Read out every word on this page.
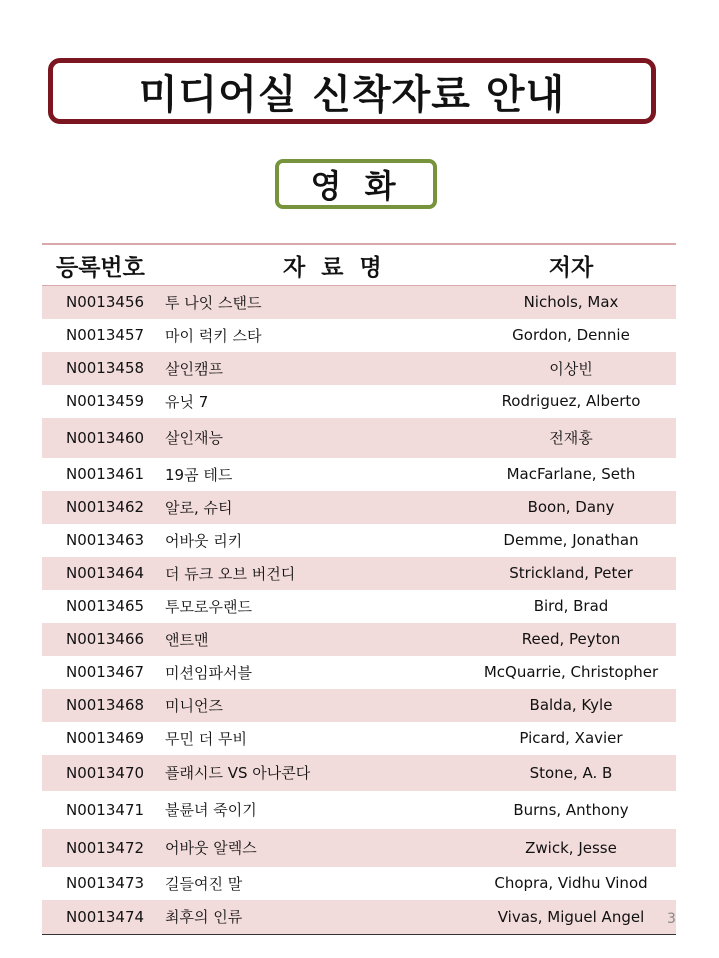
미디어실 신착자료 안내
영 화
등록번호	자 료 명	저자
N0013456	투 나잇 스탠드	Nichols, Max
N0013457	마이 럭키 스타	Gordon, Dennie
N0013458	살인캠프	이상빈
N0013459	유닛 7	Rodriguez, Alberto
N0013460	살인재능	전재홍
N0013461	19곰 테드	MacFarlane, Seth
N0013462	알로, 슈티	Boon, Dany
N0013463	어바웃 리키	Demme, Jonathan
N0013464	더 듀크 오브 버건디	Strickland, Peter
N0013465	투모로우랜드	Bird, Brad
N0013466	앤트맨	Reed, Peyton
N0013467	미션임파서블	McQuarrie, Christopher
N0013468	미니언즈	Balda, Kyle
N0013469	무민 더 무비	Picard, Xavier
N0013470	플래시드 VS 아나콘다	Stone, A. B
N0013471	불륜녀 죽이기	Burns, Anthony
N0013472	어바웃 알렉스	Zwick, Jesse
N0013473	길들여진 말	Chopra, Vidhu Vinod
N0013474	최후의 인류	Vivas, Miguel Angel 3
